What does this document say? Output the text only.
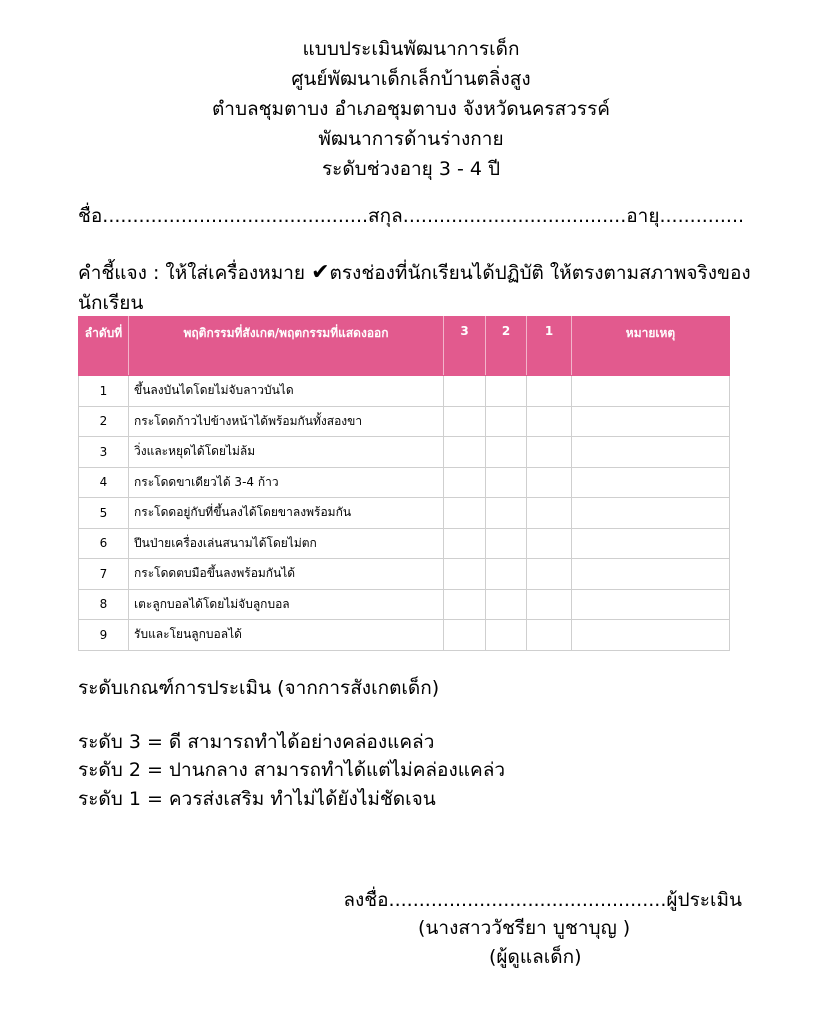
แบบประเมินพัฒนาการเด็ก
ศูนย์พัฒนาเด็กเล็กบ้านตลิ่งสูง
ตำบลชุมตาบง อำเภอชุมตาบง จังหวัดนครสวรรค์
พัฒนาการด้านร่างกาย
ระดับช่วงอายุ 3 - 4 ปี
ชื่อ............................................สกุล.....................................อายุ..............
คำชี้แจง : ให้ใส่เครื่องหมาย ✔ตรงช่องที่นักเรียนได้ปฏิบัติ ให้ตรงตามสภาพจริงของนักเรียน
ลำดับที่	พฤติกรรมที่สังเกต/พฤตกรรมที่แสดงออก	3	2	1	หมายเหตุ
1	ขึ้นลงบันไดโดยไม่จับลาวบันได				
2	กระโดดก้าวไปข้างหน้าได้พร้อมกันทั้งสองขา				
3	วิ่งและหยุดได้โดยไม่ล้ม				
4	กระโดดขาเดียวได้ 3-4 ก้าว				
5	กระโดดอยู่กับที่ขึ้นลงได้โดยขาลงพร้อมกัน				
6	ปีนป่ายเครื่องเล่นสนามได้โดยไม่ตก				
7	กระโดดตบมือขึ้นลงพร้อมกันได้				
8	เตะลูกบอลได้โดยไม่จับลูกบอล				
9	รับและโยนลูกบอลได้				
ระดับเกณฑ์การประเมิน (จากการสังเกตเด็ก)
ระดับ 3 = ดี สามารถทำได้อย่างคล่องแคล่ว
ระดับ 2 = ปานกลาง สามารถทำได้แต่ไม่คล่องแคล่ว
ระดับ 1 = ควรส่งเสริม ทำไม่ได้ยังไม่ชัดเจน
ลงชื่อ..............................................ผู้ประเมิน
(นางสาววัชรียา บูชาบุญ )
(ผู้ดูแลเด็ก)
